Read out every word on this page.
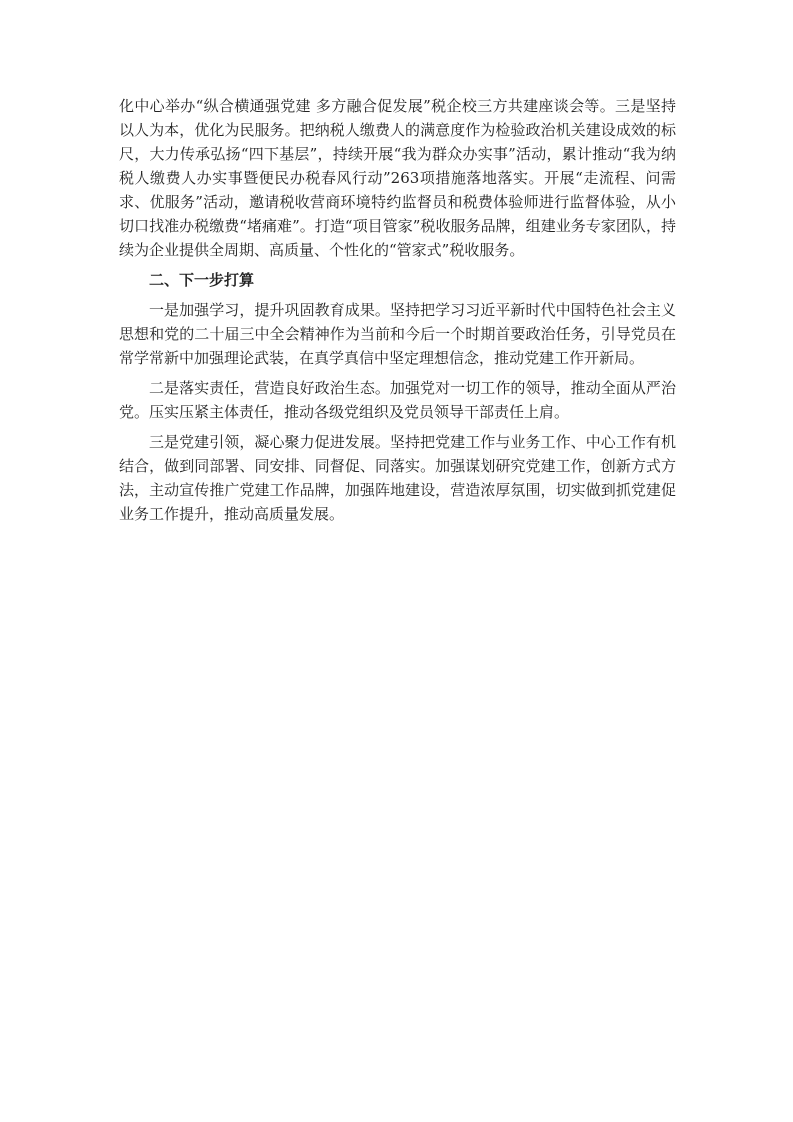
化中心举办“纵合横通强党建 多方融合促发展”税企校三方共建座谈会等。三是坚持以人为本，优化为民服务。把纳税人缴费人的满意度作为检验政治机关建设成效的标尺，大力传承弘扬“四下基层”，持续开展“我为群众办实事”活动，累计推动“我为纳税人缴费人办实事暨便民办税春风行动”263项措施落地落实。开展“走流程、问需求、优服务”活动，邀请税收营商环境特约监督员和税费体验师进行监督体验，从小切口找准办税缴费“堵痛难”。打造“项目管家”税收服务品牌，组建业务专家团队，持续为企业提供全周期、高质量、个性化的“管家式”税收服务。

二、下一步打算

一是加强学习，提升巩固教育成果。坚持把学习习近平新时代中国特色社会主义思想和党的二十届三中全会精神作为当前和今后一个时期首要政治任务，引导党员在常学常新中加强理论武装，在真学真信中坚定理想信念，推动党建工作开新局。

二是落实责任，营造良好政治生态。加强党对一切工作的领导，推动全面从严治党。压实压紧主体责任，推动各级党组织及党员领导干部责任上肩。

三是党建引领，凝心聚力促进发展。坚持把党建工作与业务工作、中心工作有机结合，做到同部署、同安排、同督促、同落实。加强谋划研究党建工作，创新方式方法，主动宣传推广党建工作品牌，加强阵地建设，营造浓厚氛围，切实做到抓党建促业务工作提升，推动高质量发展。
